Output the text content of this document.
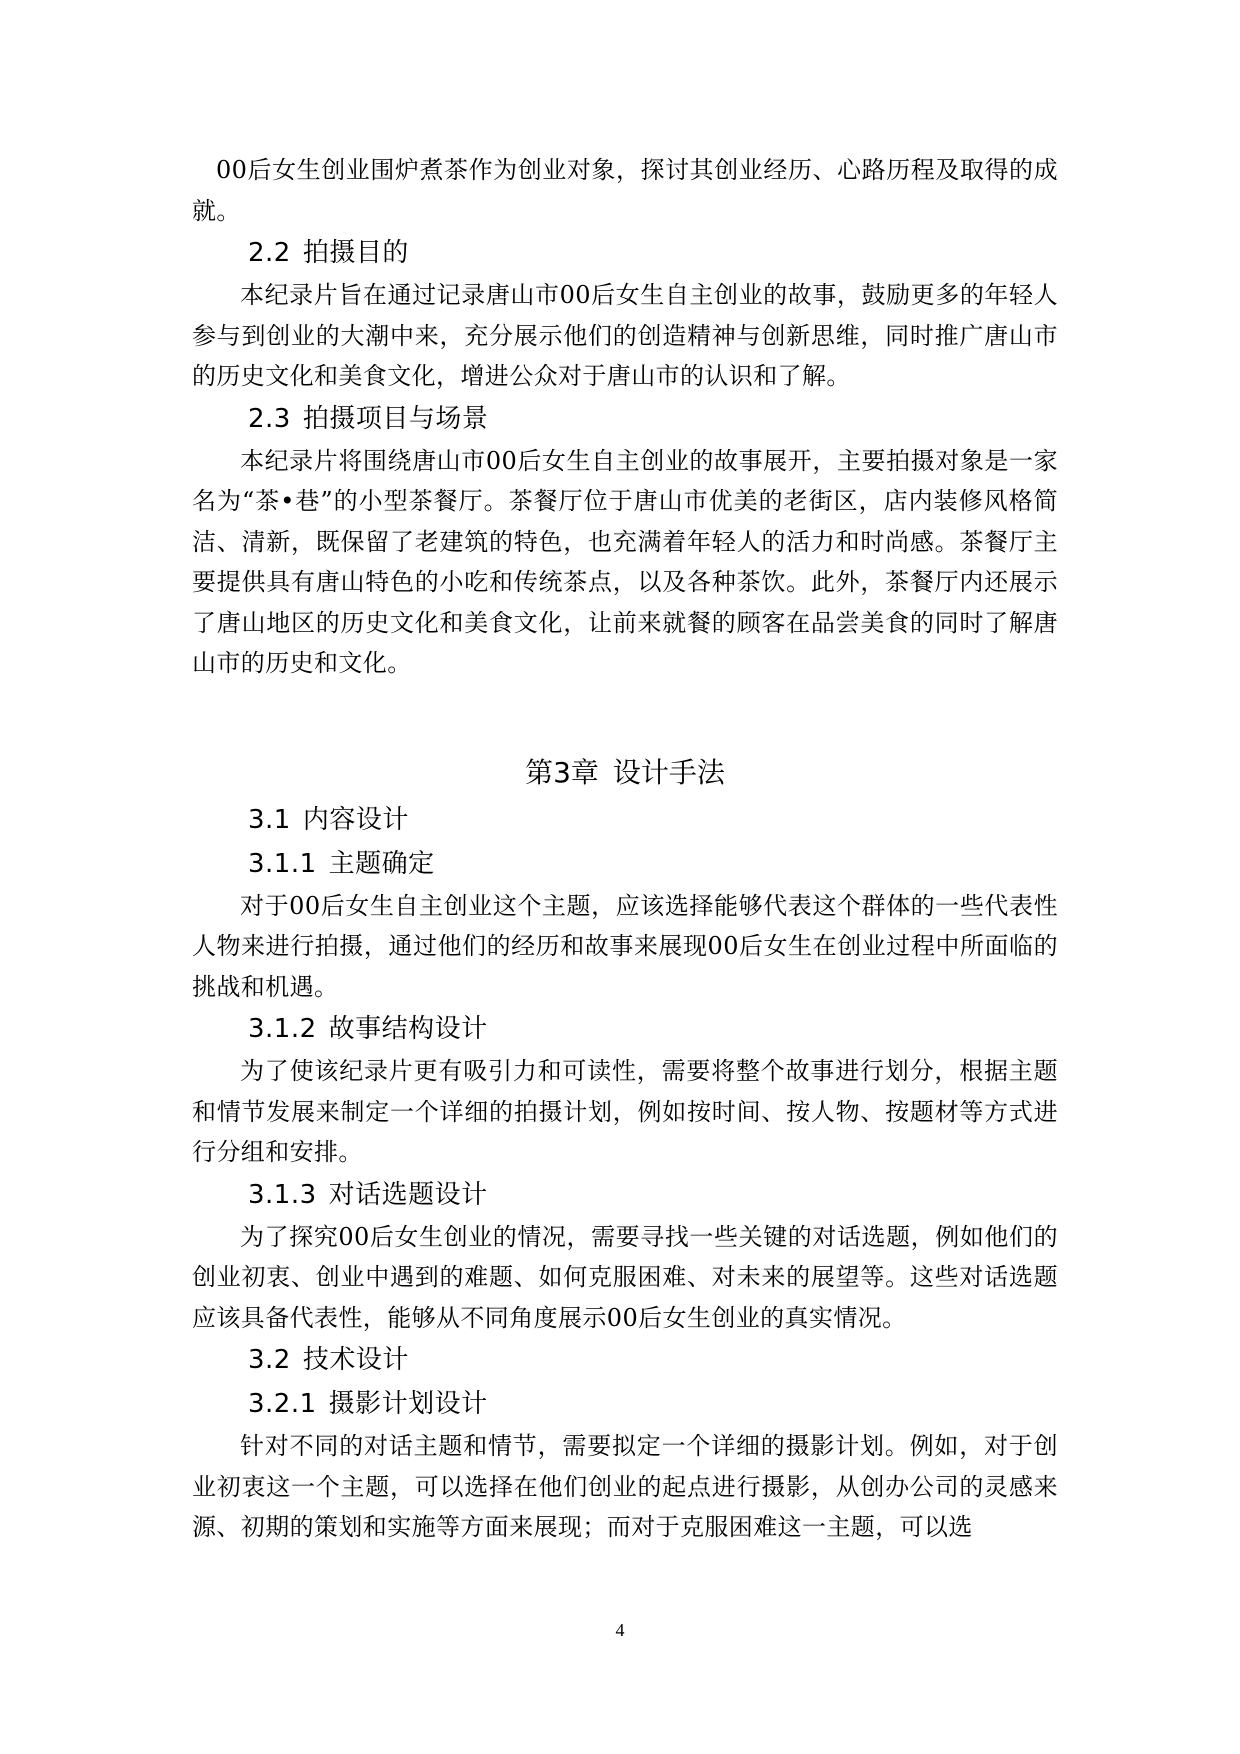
00后女生创业围炉煮茶作为创业对象，探讨其创业经历、心路历程及取得的成就。

2.2 拍摄目的

本纪录片旨在通过记录唐山市00后女生自主创业的故事，鼓励更多的年轻人参与到创业的大潮中来，充分展示他们的创造精神与创新思维，同时推广唐山市的历史文化和美食文化，增进公众对于唐山市的认识和了解。

2.3 拍摄项目与场景

本纪录片将围绕唐山市00后女生自主创业的故事展开，主要拍摄对象是一家名为“茶•巷”的小型茶餐厅。茶餐厅位于唐山市优美的老街区，店内装修风格简洁、清新，既保留了老建筑的特色，也充满着年轻人的活力和时尚感。茶餐厅主要提供具有唐山特色的小吃和传统茶点，以及各种茶饮。此外，茶餐厅内还展示了唐山地区的历史文化和美食文化，让前来就餐的顾客在品尝美食的同时了解唐山市的历史和文化。

第3章 设计手法
3.1 内容设计
3.1.1 主题确定

对于00后女生自主创业这个主题，应该选择能够代表这个群体的一些代表性人物来进行拍摄，通过他们的经历和故事来展现00后女生在创业过程中所面临的挑战和机遇。

3.1.2 故事结构设计

为了使该纪录片更有吸引力和可读性，需要将整个故事进行划分，根据主题和情节发展来制定一个详细的拍摄计划，例如按时间、按人物、按题材等方式进行分组和安排。

3.1.3 对话选题设计

为了探究00后女生创业的情况，需要寻找一些关键的对话选题，例如他们的创业初衷、创业中遇到的难题、如何克服困难、对未来的展望等。这些对话选题应该具备代表性，能够从不同角度展示00后女生创业的真实情况。

3.2 技术设计
3.2.1 摄影计划设计

针对不同的对话主题和情节，需要拟定一个详细的摄影计划。例如，对于创业初衷这一个主题，可以选择在他们创业的起点进行摄影，从创办公司的灵感来源、初期的策划和实施等方面来展现；而对于克服困难这一主题，可以选

4
